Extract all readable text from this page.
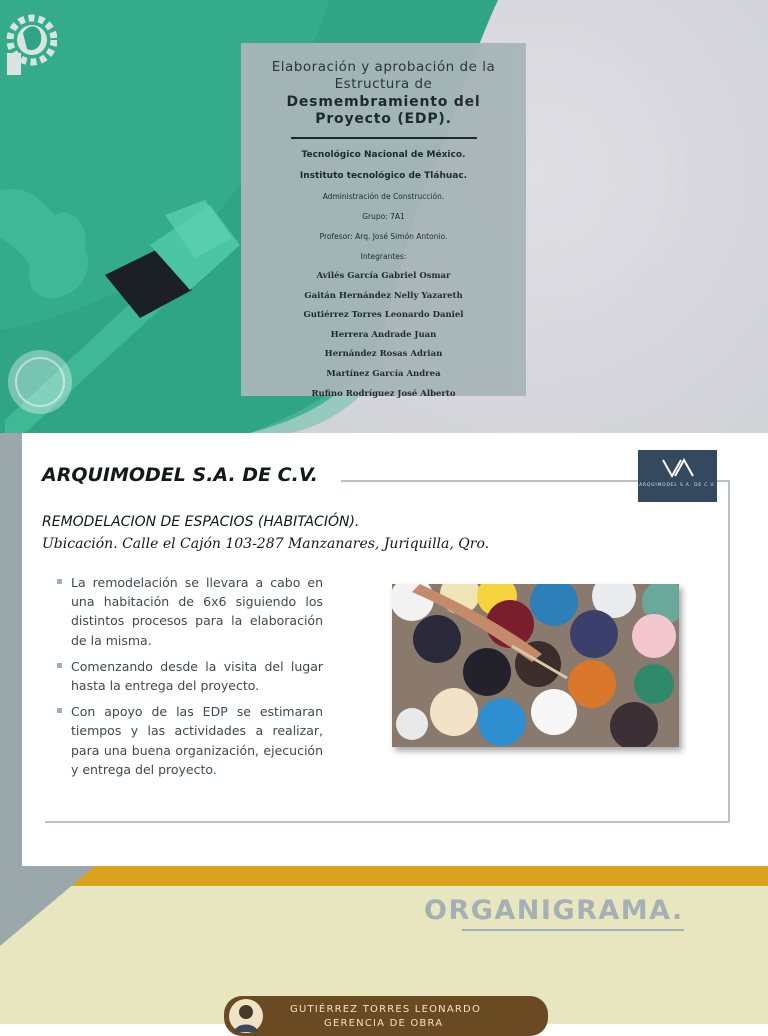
Elaboración y aprobación de la Estructura de
Desmembramiento del Proyecto (EDP).
Tecnológico Nacional de México.
Instituto tecnológico de Tláhuac.
Administración de Construcción.
Grupo: 7A1
Profesor: Arq. José Simón Antonio.
Integrantes:
Avilés García Gabriel Osmar
Gaitán Hernández Nelly Yazareth
Gutiérrez Torres Leonardo Daniel
Herrera Andrade Juan
Hernández Rosas Adrian
Martínez García Andrea
Rufino Rodríguez José Alberto
ARQUIMODEL S.A. DE C.V.	ARQUIMODEL S.A. DE C.V.
REMODELACION DE ESPACIOS (HABITACIÓN).
Ubicación. Calle el Cajón 103-287 Manzanares, Juriquilla, Qro.
La remodelación se llevara a cabo en una habitación de 6x6 siguiendo los distintos procesos para la elaboración de la misma.
Comenzando desde la visita del lugar hasta la entrega del proyecto.
Con apoyo de las EDP se estimaran tiempos y las actividades a realizar, para una buena organización, ejecución y entrega del proyecto.
ORGANIGRAMA.
GUTIÉRREZ TORRES LEONARDO
GERENCIA DE OBRA
